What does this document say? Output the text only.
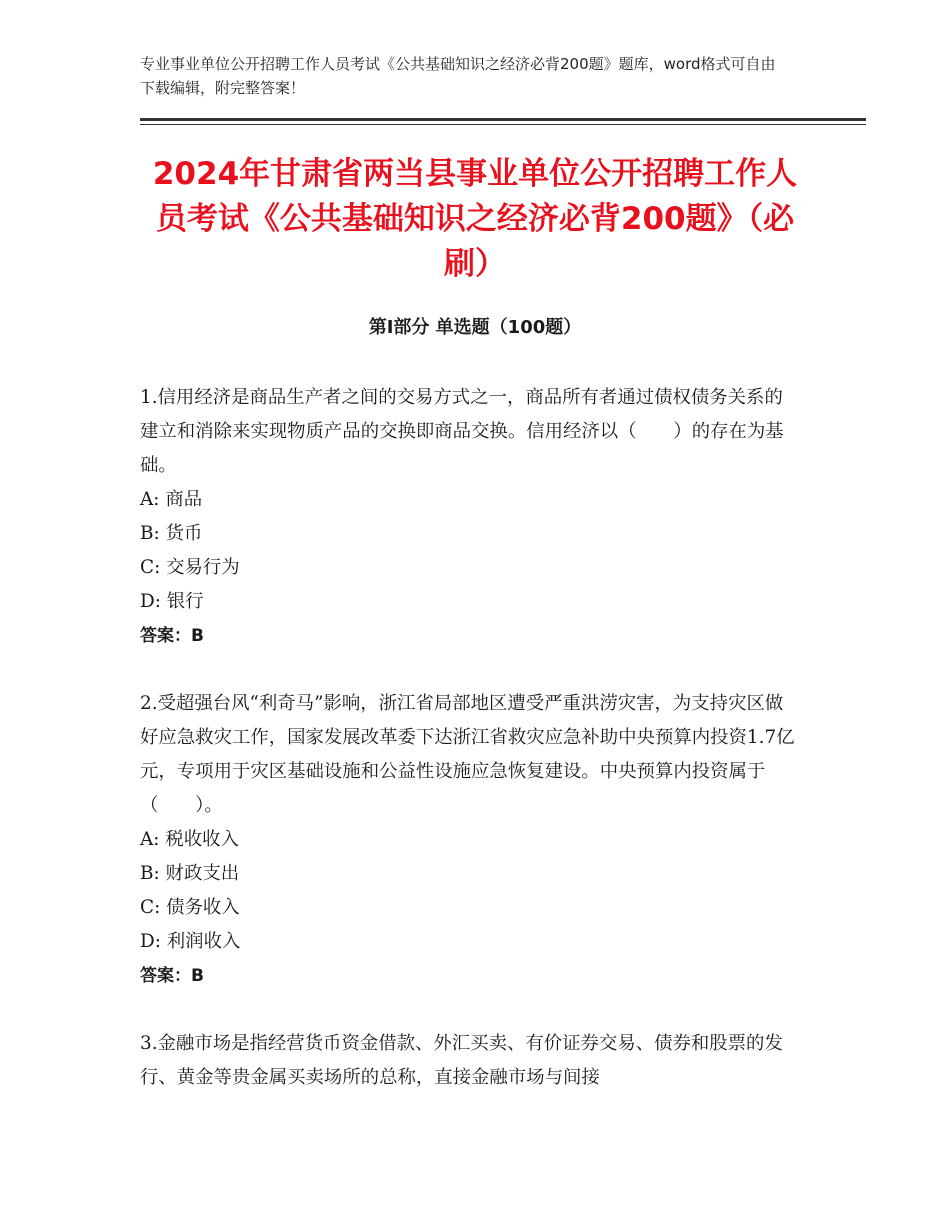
专业事业单位公开招聘工作人员考试《公共基础知识之经济必背200题》题库，word格式可自由下载编辑，附完整答案！
2024年甘肃省两当县事业单位公开招聘工作人员考试《公共基础知识之经济必背200题》（必刷）
第Ⅰ部分 单选题（100题）

1.信用经济是商品生产者之间的交易方式之一，商品所有者通过债权债务关系的建立和消除来实现物质产品的交换即商品交换。信用经济以（　　）的存在为基础。

A: 商品

B: 货币

C: 交易行为

D: 银行

答案：B

2.受超强台风“利奇马”影响，浙江省局部地区遭受严重洪涝灾害，为支持灾区做好应急救灾工作，国家发展改革委下达浙江省救灾应急补助中央预算内投资1.7亿元，专项用于灾区基础设施和公益性设施应急恢复建设。中央预算内投资属于（　　）。

A: 税收收入

B: 财政支出

C: 债务收入

D: 利润收入

答案：B

3.金融市场是指经营货币资金借款、外汇买卖、有价证券交易、债券和股票的发行、黄金等贵金属买卖场所的总称，直接金融市场与间接
